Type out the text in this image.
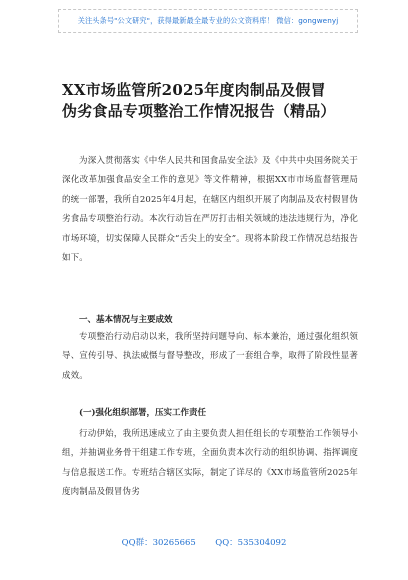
关注头条号"公文研究"，获得最新最全最专业的公文资料库！ 微信：gongwenyj
XX市场监管所2025年度肉制品及假冒
伪劣食品专项整治工作情况报告（精品）

为深入贯彻落实《中华人民共和国食品安全法》及《中共中央国务院关于深化改革加强食品安全工作的意见》等文件精神，根据XX市市场监督管理局的统一部署，我所自2025年4月起，在辖区内组织开展了肉制品及农村假冒伪劣食品专项整治行动。本次行动旨在严厉打击相关领域的违法违规行为，净化市场环境，切实保障人民群众“舌尖上的安全”。现将本阶段工作情况总结报告如下。

一、基本情况与主要成效

专项整治行动启动以来，我所坚持问题导向、标本兼治，通过强化组织领导、宣传引导、执法威慑与督导整改，形成了一套组合拳，取得了阶段性显著成效。

(一)强化组织部署，压实工作责任

行动伊始，我所迅速成立了由主要负责人担任组长的专项整治工作领导小组，并抽调业务骨干组建工作专班，全面负责本次行动的组织协调、指挥调度与信息报送工作。专班结合辖区实际，制定了详尽的《XX市场监管所2025年度肉制品及假冒伪劣

QQ群：30265665 QQ：535304092
